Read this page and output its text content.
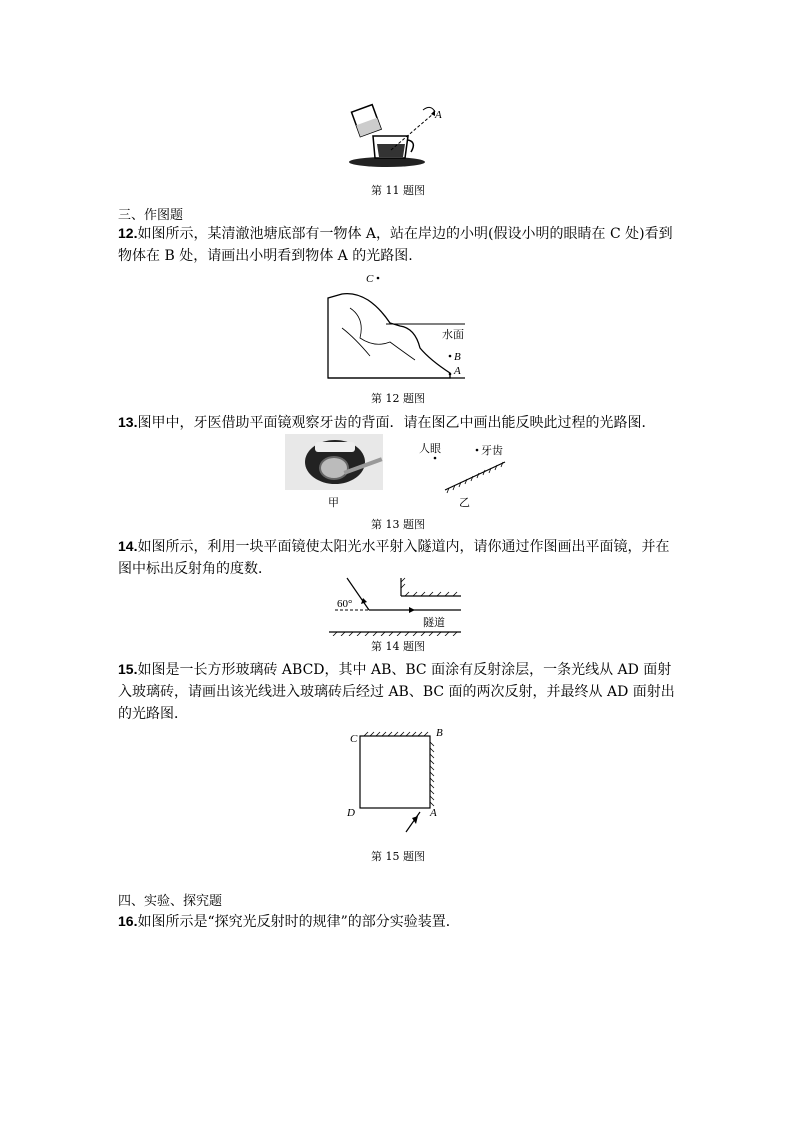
A
第 11 题图
三、作图题
12.如图所示，某清澈池塘底部有一物体 A，站在岸边的小明(假设小明的眼睛在 C 处)看到物体在 B 处，请画出小明看到物体 A 的光路图.
C
水面
B
A
第 12 题图
13.图甲中，牙医借助平面镜观察牙齿的背面．请在图乙中画出能反映此过程的光路图．
甲
人眼	牙齿
乙
第 13 题图
14.如图所示，利用一块平面镜使太阳光水平射入隧道内，请你通过作图画出平面镜，并在图中标出反射角的度数．
60°
隧道
第 14 题图
15.如图是一长方形玻璃砖 ABCD，其中 AB、BC 面涂有反射涂层，一条光线从 AD 面射入玻璃砖，请画出该光线进入玻璃砖后经过 AB、BC 面的两次反射，并最终从 AD 面射出的光路图．
C	B
D	A
第 15 题图
四、实验、探究题
16.如图所示是“探究光反射时的规律”的部分实验装置．
